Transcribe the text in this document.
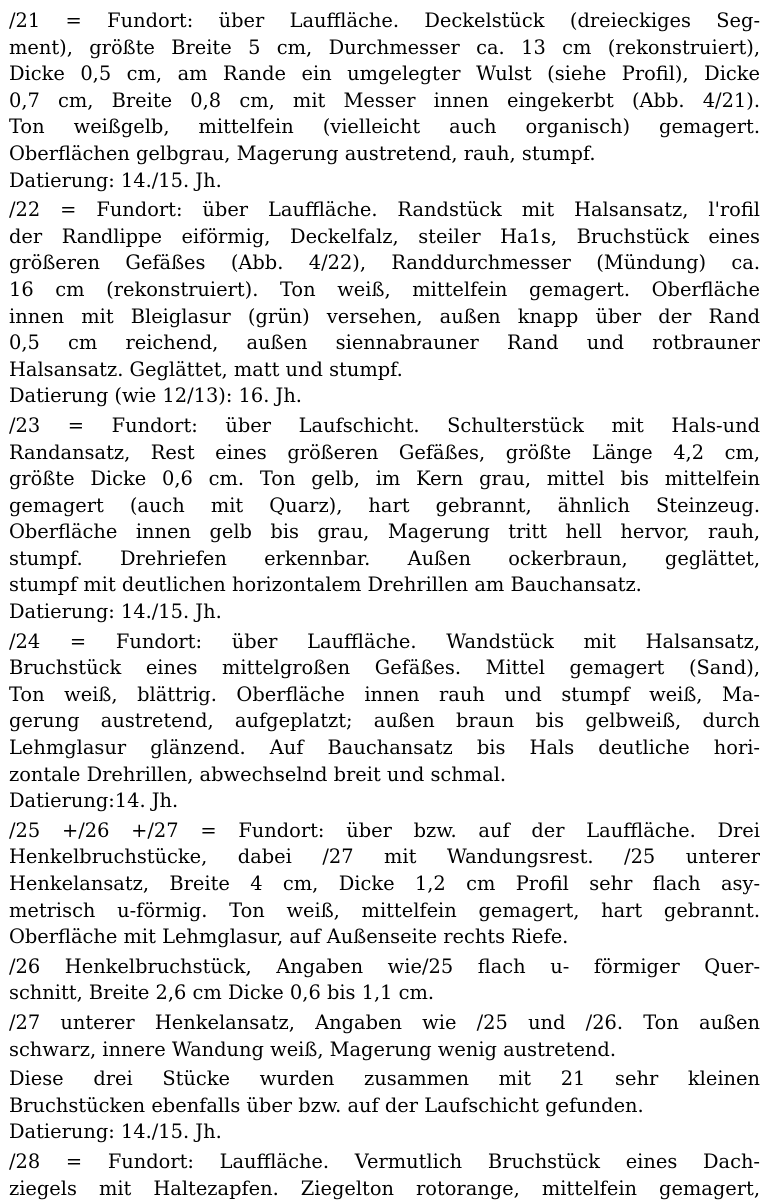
/21 = Fundort: über Lauffläche. Deckelstück (dreieckiges Seg-
ment), größte Breite 5 cm, Durchmesser ca. 13 cm (rekonstruiert),
Dicke 0,5 cm, am Rande ein umgelegter Wulst (siehe Profil), Dicke
0,7 cm, Breite 0,8 cm, mit Messer innen eingekerbt (Abb. 4/21).
Ton weißgelb, mittelfein (vielleicht auch organisch) gemagert.
Oberflächen gelbgrau, Magerung austretend, rauh, stumpf.
Datierung: 14./15. Jh.
/22 = Fundort: über Lauffläche. Randstück mit Halsansatz, l'rofil
der Randlippe eiförmig, Deckelfalz, steiler Ha1s, Bruchstück eines
größeren Gefäßes (Abb. 4/22), Randdurchmesser (Mündung) ca.
16 cm (rekonstruiert). Ton weiß, mittelfein gemagert. Oberfläche
innen mit Bleiglasur (grün) versehen, außen knapp über der Rand
0,5 cm reichend, außen siennabrauner Rand und rotbrauner
Halsansatz. Geglättet, matt und stumpf.
Datierung (wie 12/13): 16. Jh.
/23 = Fundort: über Laufschicht. Schulterstück mit Hals-und
Randansatz, Rest eines größeren Gefäßes, größte Länge 4,2 cm,
größte Dicke 0,6 cm. Ton gelb, im Kern grau, mittel bis mittelfein
gemagert (auch mit Quarz), hart gebrannt, ähnlich Steinzeug.
Oberfläche innen gelb bis grau, Magerung tritt hell hervor, rauh,
stumpf. Drehriefen erkennbar. Außen ockerbraun, geglättet,
stumpf mit deutlichen horizontalem Drehrillen am Bauchansatz.
Datierung: 14./15. Jh.
/24 = Fundort: über Lauffläche. Wandstück mit Halsansatz,
Bruchstück eines mittelgroßen Gefäßes. Mittel gemagert (Sand),
Ton weiß, blättrig. Oberfläche innen rauh und stumpf weiß, Ma-
gerung austretend, aufgeplatzt; außen braun bis gelbweiß, durch
Lehmglasur glänzend. Auf Bauchansatz bis Hals deutliche hori-
zontale Drehrillen, abwechselnd breit und schmal.
Datierung:14. Jh.
/25 +/26 +/27 = Fundort: über bzw. auf der Lauffläche. Drei
Henkelbruchstücke, dabei /27 mit Wandungsrest. /25 unterer
Henkelansatz, Breite 4 cm, Dicke 1,2 cm Profil sehr flach asy-
metrisch u-förmig. Ton weiß, mittelfein gemagert, hart gebrannt.
Oberfläche mit Lehmglasur, auf Außenseite rechts Riefe.
/26 Henkelbruchstück, Angaben wie/25 flach u- förmiger Quer-
schnitt, Breite 2,6 cm Dicke 0,6 bis 1,1 cm.
/27 unterer Henkelansatz, Angaben wie /25 und /26. Ton außen
schwarz, innere Wandung weiß, Magerung wenig austretend.
Diese drei Stücke wurden zusammen mit 21 sehr kleinen
Bruchstücken ebenfalls über bzw. auf der Laufschicht gefunden.
Datierung: 14./15. Jh.
/28 = Fundort: Lauffläche. Vermutlich Bruchstück eines Dach-
ziegels mit Haltezapfen. Ziegelton rotorange, mittelfein gemagert,
